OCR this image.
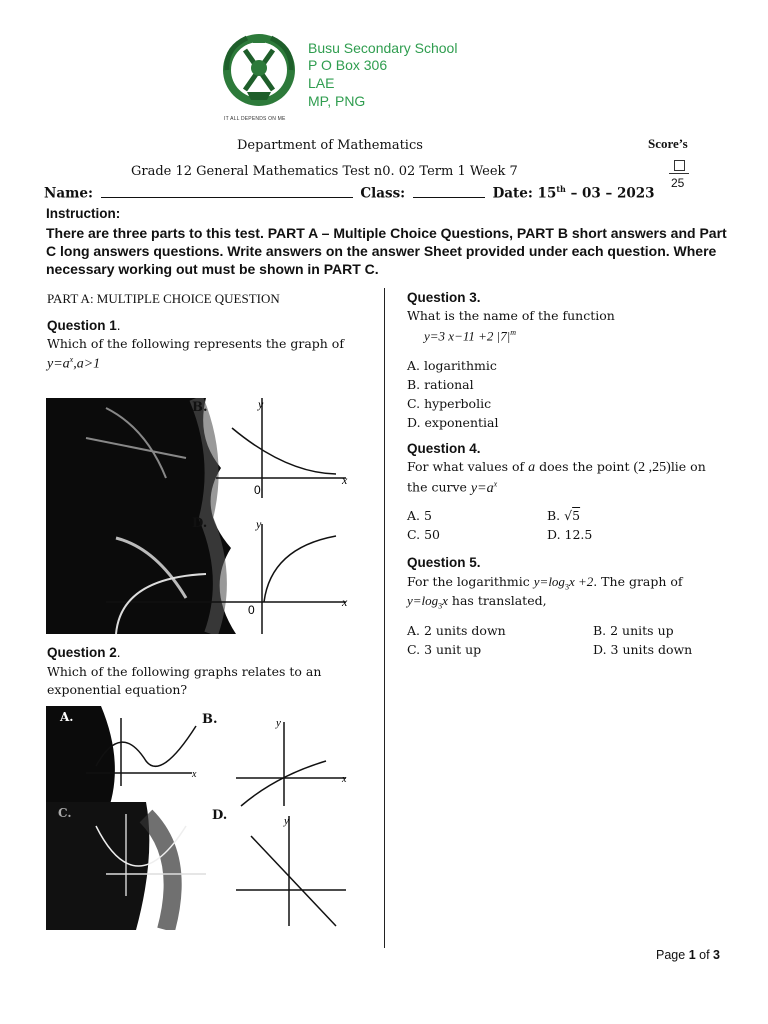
IT ALL DEPENDS ON ME
Busu Secondary School
P O Box 306
LAE
MP, PNG
Department of Mathematics
Grade 12 General Mathematics Test n0. 02 Term 1 Week 7
Score’s
25
Name:	Class:	Date: 15th – 03 – 2023
Instruction:
There are three parts to this test. PART A – Multiple Choice Questions, PART B short answers and Part C long answers questions. Write answers on the answer Sheet provided under each question. Where necessary working out must be shown in PART C.
PART A: MULTIPLE CHOICE QUESTION
Question 1.
Which of the following represents the graph of
$y=a^x,a>1$
0
0
y
y
x
x
B.
D.
Question 2.
Which of the following graphs relates to an exponential equation?
y	y
y
x	x
A.	B.
C.	D.
Question 3.
What is the name of the function
y=3 x−11 +2 $|7|^m$
A. logarithmic
B. rational
C. hyperbolic
D. exponential
Question 4.
For what values of a does the point (2 ,25)lie on
the curve $y=a^x$
A. 5	B. √5
C. 50	D. 12.5
Question 5.
For the logarithmic $y=\log_3x +2$. The graph of
$y=\log_3x$ has translated,
A. 2 units down	B. 2 units up
C. 3 unit up	D. 3 units down
Page 1 of 3
